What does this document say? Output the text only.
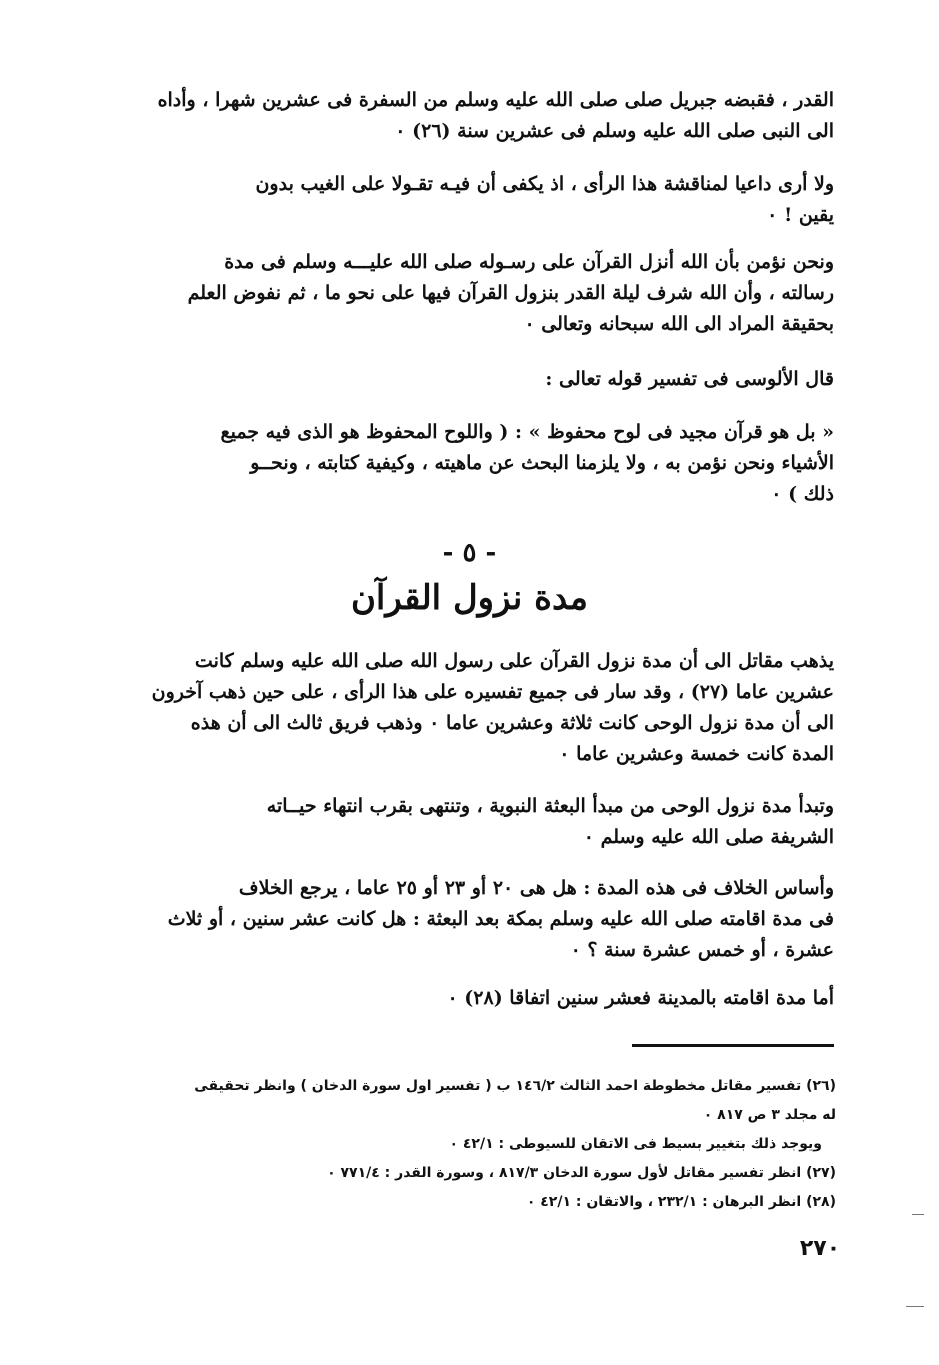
القدر ، فقبضه جبريل صلى صلى الله عليه وسلم من السفرة فى عشرين شهرا ، وأداه
الى النبى صلى الله عليه وسلم فى عشرين سنة (٢٦) ٠
ولا أرى داعيا لمناقشة هذا الرأى ، اذ يكفى أن فيـه تقـولا على الغيب بدون
يقين ! ٠
ونحن نؤمن بأن الله أنزل القرآن على رسـوله صلى الله عليـــه وسلم فى مدة
رسالته ، وأن الله شرف ليلة القدر بنزول القرآن فيها على نحو ما ، ثم نفوض العلم
بحقيقة المراد الى الله سبحانه وتعالى ٠
قال الألوسى فى تفسير قوله تعالى :
« بل هو قرآن مجيد فى لوح محفوظ » : ( واللوح المحفوظ هو الذى فيه جميع
الأشياء ونحن نؤمن به ، ولا يلزمنا البحث عن ماهيته ، وكيفية كتابته ، ونحــو
ذلك ) ٠
- ٥ -
مدة نزول القرآن
يذهب مقاتل الى أن مدة نزول القرآن على رسول الله صلى الله عليه وسلم كانت
عشرين عاما (٢٧) ، وقد سار فى جميع تفسيره على هذا الرأى ، على حين ذهب آخرون
الى أن مدة نزول الوحى كانت ثلاثة وعشرين عاما ٠ وذهب فريق ثالث الى أن هذه
المدة كانت خمسة وعشرين عاما ٠
وتبدأ مدة نزول الوحى من مبدأ البعثة النبوية ، وتنتهى بقرب انتهاء حيــاته
الشريفة صلى الله عليه وسلم ٠
وأساس الخلاف فى هذه المدة : هل هى ٢٠ أو ٢٣ أو ٢٥ عاما ، يرجع الخلاف
فى مدة اقامته صلى الله عليه وسلم بمكة بعد البعثة : هل كانت عشر سنين ، أو ثلاث
عشرة ، أو خمس عشرة سنة ؟ ٠
أما مدة اقامته بالمدينة فعشر سنين اتفاقا (٢٨) ٠
(٢٦) تفسير مقاتل مخطوطة احمد الثالث ١٤٦/٢ ب ( تفسير اول سورة الدخان ) وانظر تحقيقى
له مجلد ٣ ص ٨١٧ ٠
ويوجد ذلك بتغيير بسيط فى الاتقان للسيوطى : ٤٢/١ ٠
(٢٧) انظر تفسير مقاتل لأول سورة الدخان ٨١٧/٣ ، وسورة القدر : ٧٧١/٤ ٠
(٢٨) انظر البرهان : ٢٣٢/١ ، والاتقان : ٤٢/١ ٠
٢٧٠
